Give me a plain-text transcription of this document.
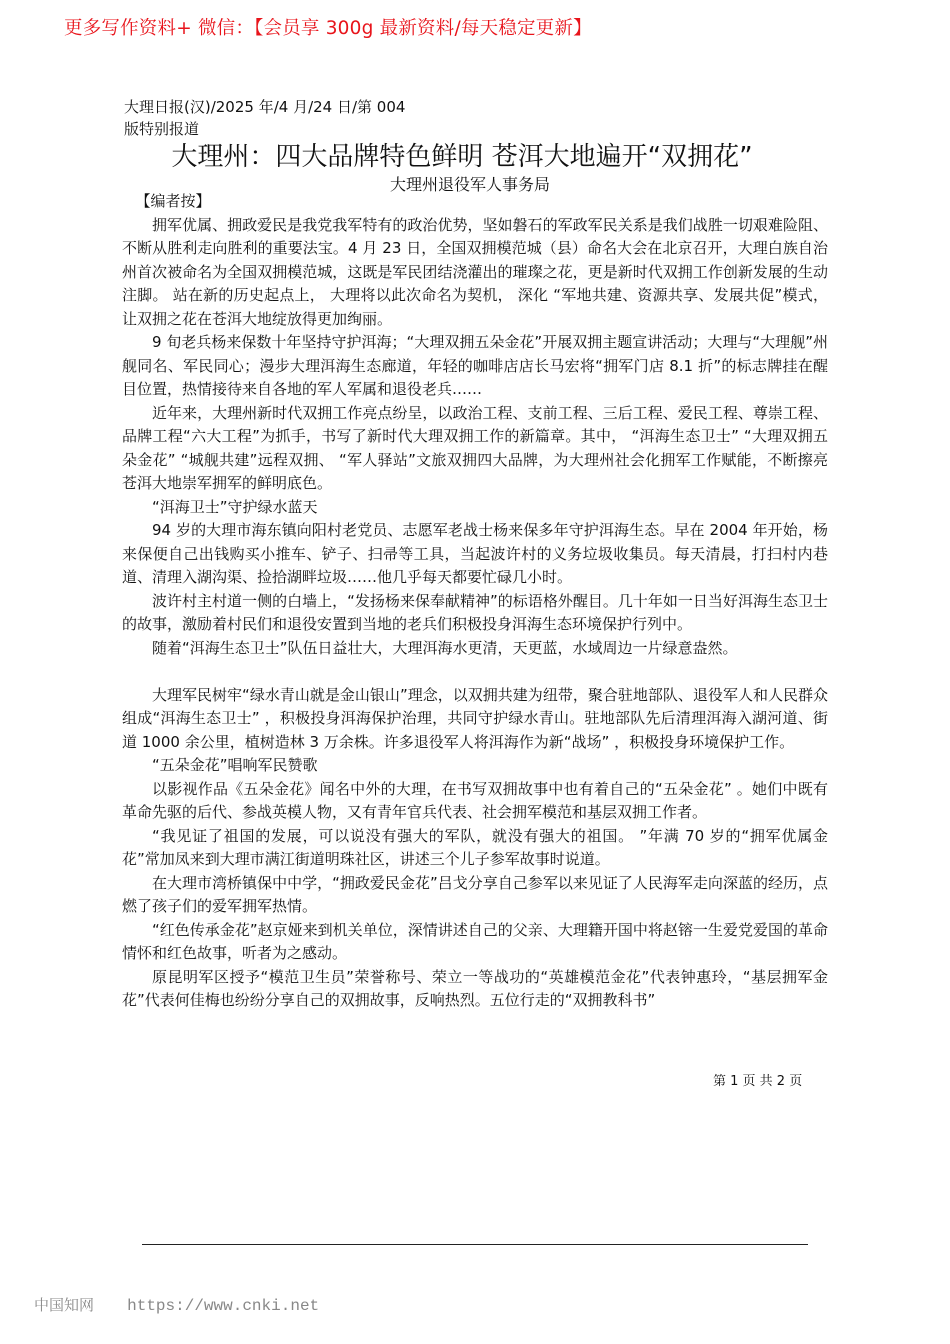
更多写作资料+ 微信：【会员享 300g 最新资料/每天稳定更新】
大理日报(汉)/2025 年/4 月/24 日/第 004
版特别报道
大理州：四大品牌特色鲜明 苍洱大地遍开“双拥花”
大理州退役军人事务局

【编者按】

拥军优属、拥政爱民是我党我军特有的政治优势，坚如磐石的军政军民关系是我们战胜一切艰难险阻、不断从胜利走向胜利的重要法宝。4 月 23 日，全国双拥模范城（县）命名大会在北京召开，大理白族自治州首次被命名为全国双拥模范城，这既是军民团结浇灌出的璀璨之花，更是新时代双拥工作创新发展的生动注脚。 站在新的历史起点上， 大理将以此次命名为契机， 深化 “军地共建、资源共享、发展共促”模式，让双拥之花在苍洱大地绽放得更加绚丽。

9 旬老兵杨来保数十年坚持守护洱海；“大理双拥五朵金花”开展双拥主题宣讲活动；大理与“大理舰”州舰同名、军民同心；漫步大理洱海生态廊道，年轻的咖啡店店长马宏将“拥军门店 8.1 折”的标志牌挂在醒目位置，热情接待来自各地的军人军属和退役老兵……

近年来，大理州新时代双拥工作亮点纷呈，以政治工程、支前工程、三后工程、爱民工程、尊崇工程、品牌工程“六大工程”为抓手，书写了新时代大理双拥工作的新篇章。其中， “洱海生态卫士” “大理双拥五朵金花” “城舰共建”远程双拥、 “军人驿站”文旅双拥四大品牌，为大理州社会化拥军工作赋能，不断擦亮苍洱大地崇军拥军的鲜明底色。

“洱海卫士”守护绿水蓝天

94 岁的大理市海东镇向阳村老党员、志愿军老战士杨来保多年守护洱海生态。早在 2004 年开始，杨来保便自己出钱购买小推车、铲子、扫帚等工具，当起波许村的义务垃圾收集员。每天清晨，打扫村内巷道、清理入湖沟渠、捡拾湖畔垃圾……他几乎每天都要忙碌几小时。

波许村主村道一侧的白墙上，“发扬杨来保奉献精神”的标语格外醒目。几十年如一日当好洱海生态卫士的故事，激励着村民们和退役安置到当地的老兵们积极投身洱海生态环境保护行列中。

随着“洱海生态卫士”队伍日益壮大，大理洱海水更清，天更蓝，水域周边一片绿意盎然。

大理军民树牢“绿水青山就是金山银山”理念，以双拥共建为纽带，聚合驻地部队、退役军人和人民群众组成“洱海生态卫士” ，积极投身洱海保护治理，共同守护绿水青山。驻地部队先后清理洱海入湖河道、街道 1000 余公里，植树造林 3 万余株。许多退役军人将洱海作为新“战场” ，积极投身环境保护工作。

“五朵金花”唱响军民赞歌

以影视作品《五朵金花》闻名中外的大理，在书写双拥故事中也有着自己的“五朵金花” 。她们中既有革命先驱的后代、参战英模人物，又有青年官兵代表、社会拥军模范和基层双拥工作者。

“我见证了祖国的发展，可以说没有强大的军队，就没有强大的祖国。 ”年满 70 岁的“拥军优属金花”常加凤来到大理市满江街道明珠社区，讲述三个儿子参军故事时说道。

在大理市湾桥镇保中中学，“拥政爱民金花”吕戈分享自己参军以来见证了人民海军走向深蓝的经历，点燃了孩子们的爱军拥军热情。

“红色传承金花”赵京娅来到机关单位，深情讲述自己的父亲、大理籍开国中将赵镕一生爱党爱国的革命情怀和红色故事，听者为之感动。

原昆明军区授予“模范卫生员”荣誉称号、荣立一等战功的“英雄模范金花”代表钟惠玲，“基层拥军金花”代表何佳梅也纷纷分享自己的双拥故事，反响热烈。五位行走的“双拥教科书”

第 1 页 共 2 页
中国知网 https://www.cnki.net
